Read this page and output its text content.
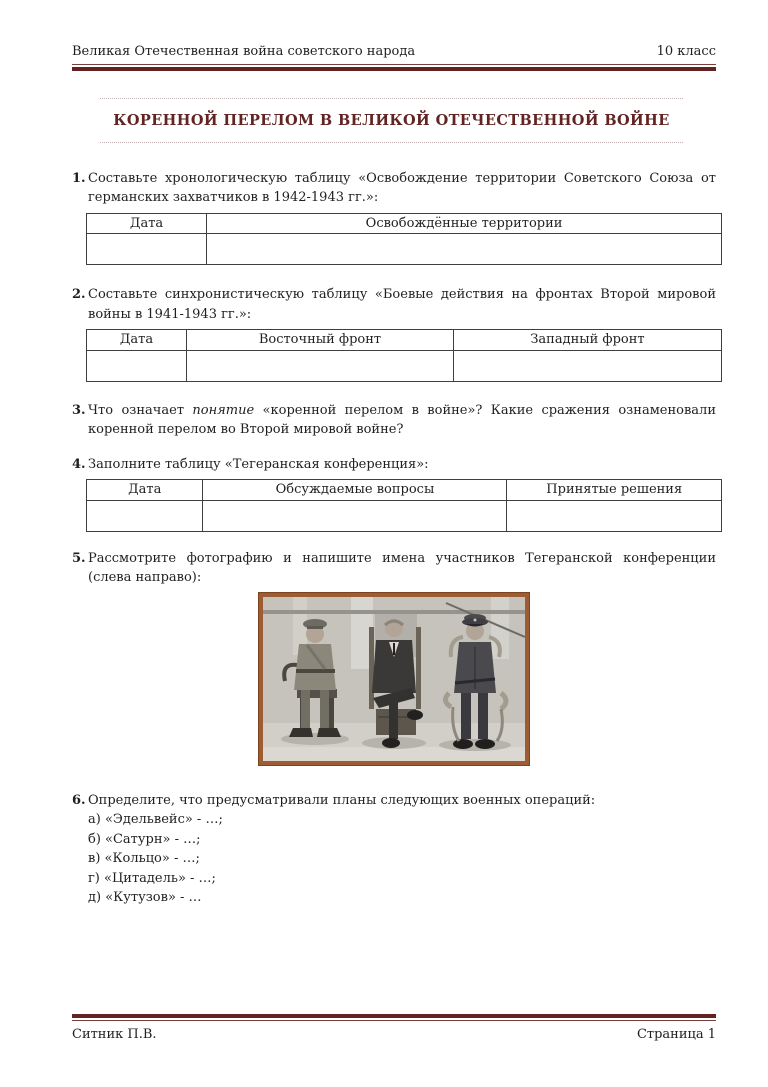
Великая Отечественная война советского народа	10 класс
КОРЕННОЙ ПЕРЕЛОМ В ВЕЛИКОЙ ОТЕЧЕСТВЕННОЙ ВОЙНЕ

1. Составьте хронологическую таблицу «Освобождение территории Советского Союза от германских захватчиков в 1942-1943 гг.»:

Дата	Освобождённые территории

2. Составьте синхронистическую таблицу «Боевые действия на фронтах Второй мировой войны в 1941-1943 гг.»:

Дата	Восточный фронт	Западный фронт

3. Что означает понятие «коренной перелом в войне»? Какие сражения ознаменовали коренной перелом во Второй мировой войне?

4. Заполните таблицу «Тегеранская конференция»:

Дата	Обсуждаемые вопросы	Принятые решения

5. Рассмотрите фотографию и напишите имена участников Тегеранской конференции (слева направо):

6. Определите, что предусматривали планы следующих военных операций:

а) «Эдельвейс» - …;
б) «Сатурн» - …;
в) «Кольцо» - …;
г) «Цитадель» - …;
д) «Кутузов» - …
Ситник П.В.	Страница 1
